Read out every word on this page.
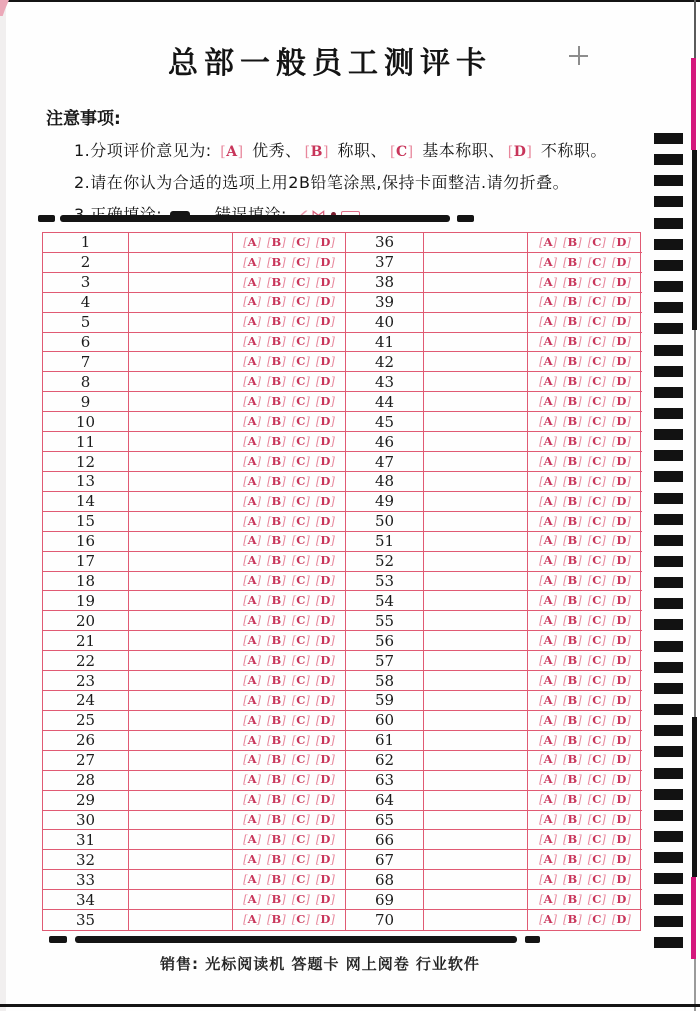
总部一般员工测评卡
注意事项:
1.分项评价意见为: [A] 优秀、 [B] 称职、 [C] 基本称职、 [D] 不称职。
2.请在你认为合适的选项上用2B铅笔涂黑,保持卡面整洁.请勿折叠。

1	[A] [B] [C] [D]	36	[A] [B] [C] [D]
2	[A] [B] [C] [D]	37	[A] [B] [C] [D]
3	[A] [B] [C] [D]	38	[A] [B] [C] [D]
4	[A] [B] [C] [D]	39	[A] [B] [C] [D]
5	[A] [B] [C] [D]	40	[A] [B] [C] [D]
6	[A] [B] [C] [D]	41	[A] [B] [C] [D]
7	[A] [B] [C] [D]	42	[A] [B] [C] [D]
8	[A] [B] [C] [D]	43	[A] [B] [C] [D]
9	[A] [B] [C] [D]	44	[A] [B] [C] [D]
10	[A] [B] [C] [D]	45	[A] [B] [C] [D]
11	[A] [B] [C] [D]	46	[A] [B] [C] [D]
12	[A] [B] [C] [D]	47	[A] [B] [C] [D]
13	[A] [B] [C] [D]	48	[A] [B] [C] [D]
14	[A] [B] [C] [D]	49	[A] [B] [C] [D]
15	[A] [B] [C] [D]	50	[A] [B] [C] [D]
16	[A] [B] [C] [D]	51	[A] [B] [C] [D]
17	[A] [B] [C] [D]	52	[A] [B] [C] [D]
18	[A] [B] [C] [D]	53	[A] [B] [C] [D]
19	[A] [B] [C] [D]	54	[A] [B] [C] [D]
20	[A] [B] [C] [D]	55	[A] [B] [C] [D]
21	[A] [B] [C] [D]	56	[A] [B] [C] [D]
22	[A] [B] [C] [D]	57	[A] [B] [C] [D]
23	[A] [B] [C] [D]	58	[A] [B] [C] [D]
24	[A] [B] [C] [D]	59	[A] [B] [C] [D]
25	[A] [B] [C] [D]	60	[A] [B] [C] [D]
26	[A] [B] [C] [D]	61	[A] [B] [C] [D]
27	[A] [B] [C] [D]	62	[A] [B] [C] [D]
28	[A] [B] [C] [D]	63	[A] [B] [C] [D]
29	[A] [B] [C] [D]	64	[A] [B] [C] [D]
30	[A] [B] [C] [D]	65	[A] [B] [C] [D]
31	[A] [B] [C] [D]	66	[A] [B] [C] [D]
32	[A] [B] [C] [D]	67	[A] [B] [C] [D]
33	[A] [B] [C] [D]	68	[A] [B] [C] [D]
34	[A] [B] [C] [D]	69	[A] [B] [C] [D]
35	[A] [B] [C] [D]	70	[A] [B] [C] [D]
销售: 光标阅读机 答题卡 网上阅卷 行业软件
